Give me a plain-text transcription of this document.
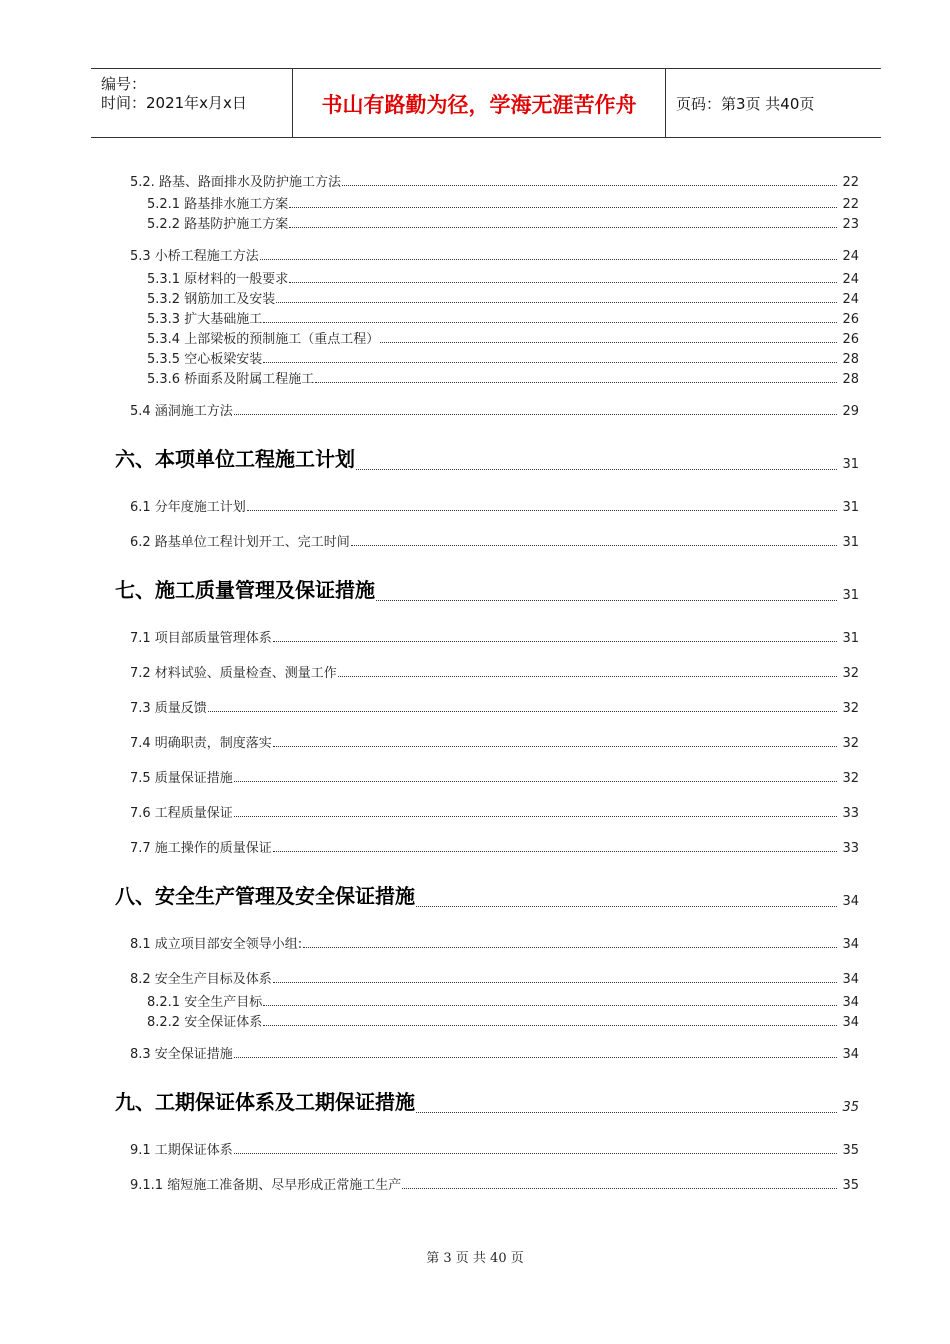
编号：
时间：2021年x月x日	书山有路勤为径，学海无涯苦作舟	页码：第3页 共40页
5.2. 路基、路面排水及防护施工方法	22
5.2.1 路基排水施工方案	22
5.2.2 路基防护施工方案	23
5.3 小桥工程施工方法	24
5.3.1 原材料的一般要求	24
5.3.2 钢筋加工及安装	24
5.3.3 扩大基础施工	26
5.3.4 上部梁板的预制施工（重点工程）	26
5.3.5 空心板梁安装	28
5.3.6 桥面系及附属工程施工	28
5.4 涵洞施工方法	29
六、本项单位工程施工计划	31
6.1 分年度施工计划	31
6.2 路基单位工程计划开工、完工时间	31
七、施工质量管理及保证措施	31
7.1 项目部质量管理体系	31
7.2 材料试验、质量检查、测量工作	32
7.3 质量反馈	32
7.4 明确职责，制度落实	32
7.5 质量保证措施	32
7.6 工程质量保证	33
7.7 施工操作的质量保证	33
八、安全生产管理及安全保证措施	34
8.1 成立项目部安全领导小组:	34
8.2 安全生产目标及体系	34
8.2.1 安全生产目标	34
8.2.2 安全保证体系	34
8.3 安全保证措施	34
九、工期保证体系及工期保证措施	35
9.1 工期保证体系	35
9.1.1 缩短施工准备期、尽早形成正常施工生产	35
第 3 页 共 40 页
